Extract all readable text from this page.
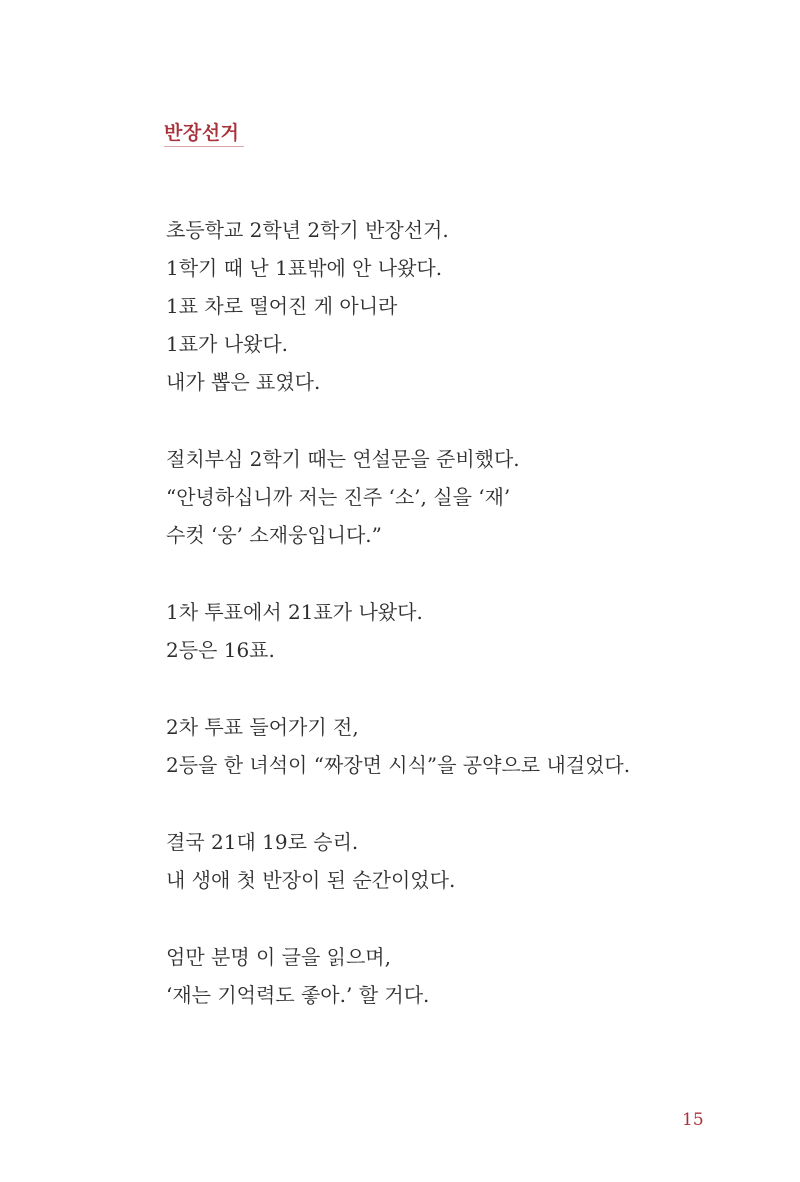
반장선거
초등학교 2학년 2학기 반장선거.
1학기 때 난 1표밖에 안 나왔다.
1표 차로 떨어진 게 아니라
1표가 나왔다.
내가 뽑은 표였다.
절치부심 2학기 때는 연설문을 준비했다.
“안녕하십니까 저는 진주 ‘소’, 실을 ‘재’
수컷 ‘웅’ 소재웅입니다.”
1차 투표에서 21표가 나왔다.
2등은 16표.
2차 투표 들어가기 전,
2등을 한 녀석이 “짜장면 시식”을 공약으로 내걸었다.
결국 21대 19로 승리.
내 생애 첫 반장이 된 순간이었다.
엄만 분명 이 글을 읽으며,
‘재는 기억력도 좋아.’ 할 거다.
15
